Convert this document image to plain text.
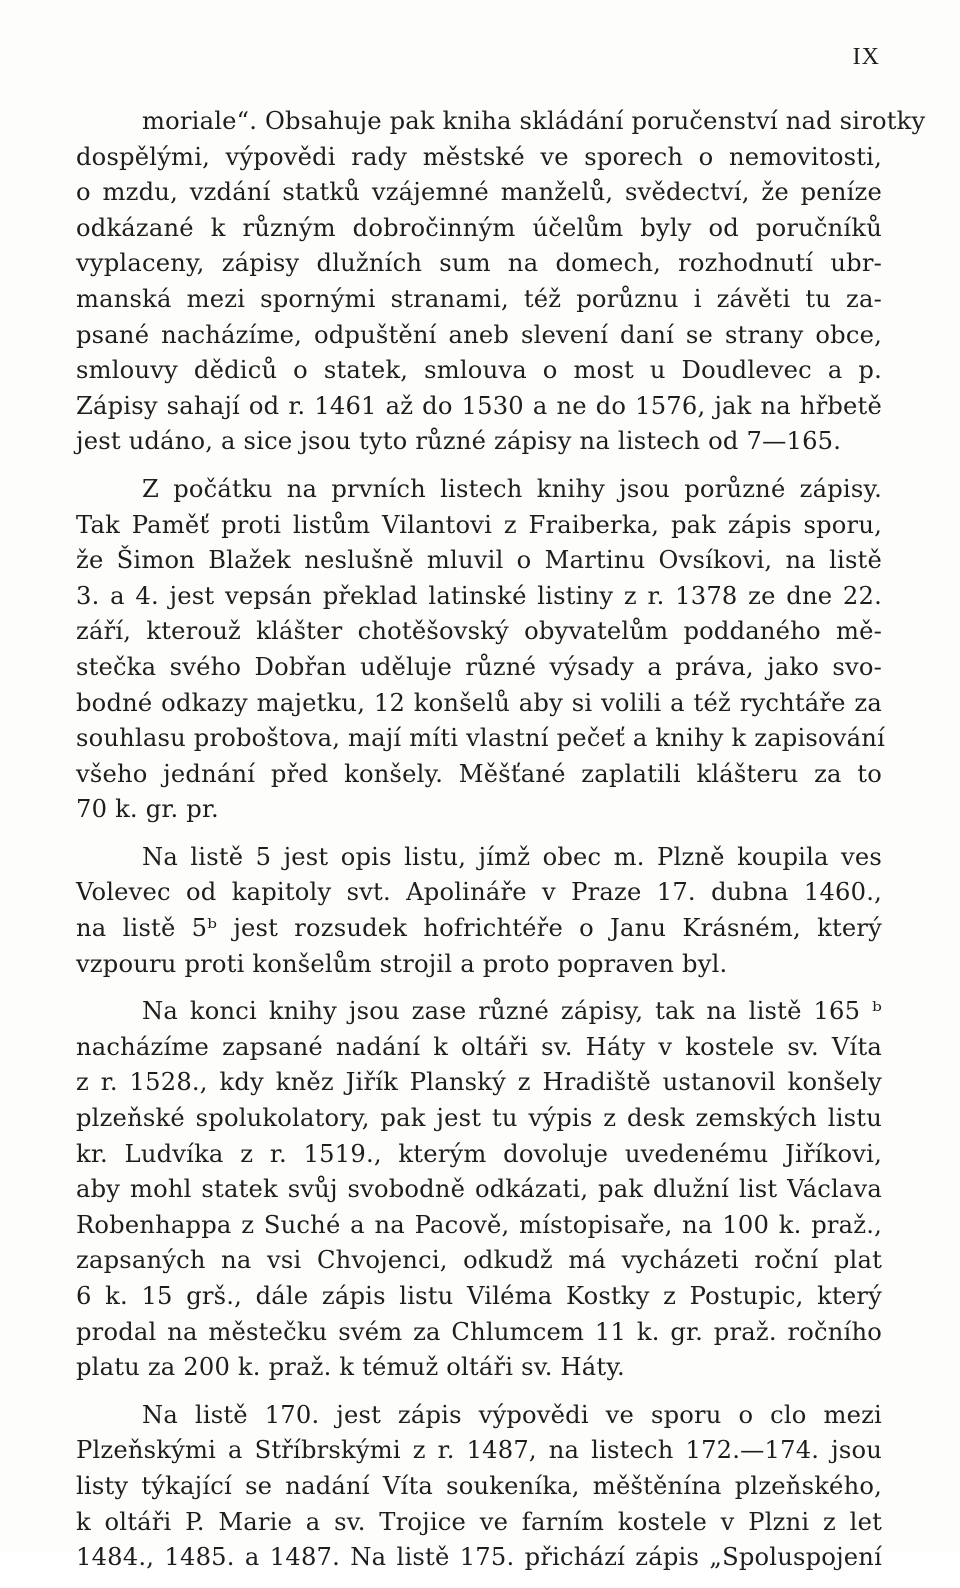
IX
moriale“. Obsahuje pak kniha skládání poručenství nad sirotky
dospělými, výpovědi rady městské ve sporech o nemovitosti,
o mzdu, vzdání statků vzájemné manželů, svědectví, že peníze
odkázané k různým dobročinným účelům byly od poručníků
vyplaceny, zápisy dlužních sum na domech, rozhodnutí ubr-
manská mezi spornými stranami, též porůznu i závěti tu za-
psané nacházíme, odpuštění aneb slevení daní se strany obce,
smlouvy dědiců o statek, smlouva o most u Doudlevec a p.
Zápisy sahají od r. 1461 až do 1530 a ne do 1576, jak na hřbetě
jest udáno, a sice jsou tyto různé zápisy na listech od 7—165.
Z počátku na prvních listech knihy jsou porůzné zápisy.
Tak Paměť proti listům Vilantovi z Fraiberka, pak zápis sporu,
že Šimon Blažek neslušně mluvil o Martinu Ovsíkovi, na listě
3. a 4. jest vepsán překlad latinské listiny z r. 1378 ze dne 22.
září, kterouž klášter chotěšovský obyvatelům poddaného mě-
stečka svého Dobřan uděluje různé výsady a práva, jako svo-
bodné odkazy majetku, 12 konšelů aby si volili a též rychtáře za
souhlasu proboštova, mají míti vlastní pečeť a knihy k zapisování
všeho jednání před konšely. Měšťané zaplatili klášteru za to
70 k. gr. pr.
Na listě 5 jest opis listu, jímž obec m. Plzně koupila ves
Volevec od kapitoly svt. Apolináře v Praze 17. dubna 1460.,
na listě 5ᵇ jest rozsudek hofrichtéře o Janu Krásném, který
vzpouru proti konšelům strojil a proto popraven byl.
Na konci knihy jsou zase různé zápisy, tak na listě 165 ᵇ
nacházíme zapsané nadání k oltáři sv. Háty v kostele sv. Víta
z r. 1528., kdy kněz Jiřík Planský z Hradiště ustanovil konšely
plzeňské spolukolatory, pak jest tu výpis z desk zemských listu
kr. Ludvíka z r. 1519., kterým dovoluje uvedenému Jiříkovi,
aby mohl statek svůj svobodně odkázati, pak dlužní list Václava
Robenhappa z Suché a na Pacově, místopisaře, na 100 k. praž.,
zapsaných na vsi Chvojenci, odkudž má vycházeti roční plat
6 k. 15 grš., dále zápis listu Viléma Kostky z Postupic, který
prodal na městečku svém za Chlumcem 11 k. gr. praž. ročního
platu za 200 k. praž. k témuž oltáři sv. Háty.
Na listě 170. jest zápis výpovědi ve sporu o clo mezi
Plzeňskými a Stříbrskými z r. 1487, na listech 172.—174. jsou
listy týkající se nadání Víta soukeníka, měštěnína plzeňského,
k oltáři P. Marie a sv. Trojice ve farním kostele v Plzni z let
1484., 1485. a 1487. Na listě 175. přichází zápis „Spoluspojení
